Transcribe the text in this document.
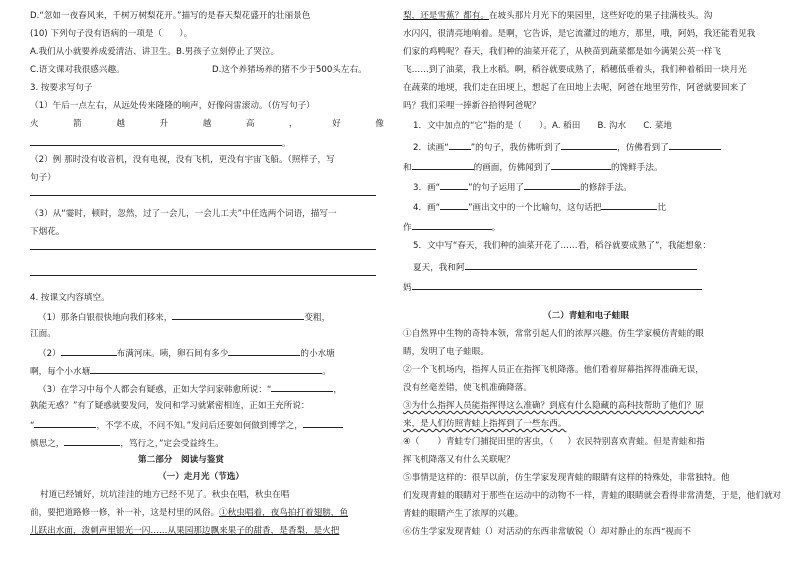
D.“忽如一夜春风来，千树万树梨花开。”描写的是春天梨花盛开的壮丽景色
(10) 下列句子没有语病的一项是（　　）。
A.我们从小就要养成爱清洁、讲卫生。B.男孩子立刻停止了哭泣。
C.语文课对我很感兴趣。	D.这个养猪场养的猪不少于500头左右。
3. 按要求写句子
（1）午后一点左右，从远处传来隆隆的响声，好像闷雷滚动。（仿写句子）
火	箭	越	升	越	高	，	好	像
。
（2）例 那时没有收音机，没有电视，没有飞机，更没有宇宙飞船。（照样子，写
句子）
（3）从“霎时，顿时，忽然，过了一会儿，一会儿工夫”中任选两个词语，描写一
下烟花。
4. 按课文内容填空。
（1）那条白银很快地向我们移来，	变粗，
江面。
（2）	布满河床。咦，卵石间有多少	的小水塘
啊，每个小水塘	。
（3）在学习中每个人都会有疑惑，正如大学问家韩愈所说：“	，
孰能无惑？”有了疑惑就要发问，发问和学习就紧密相连，正如王充所说：
“	，不学不成，不问不知。”发问后还要如何做到博学之，
慎思之，	，笃行之，”定会受益终生。
第二部分　阅读与鉴赏
（一）走月光（节选）
村道已经铺好，坑坑洼洼的地方已经不见了。秋虫在唱，秋虫在唱
前，要把道路修一修，补一补，这是村里的风俗。①秋虫唱着，夜鸟拍打着翅膀，鱼
儿跃出水面，泼刺声里银光一闪……从果园那边飘来果子的甜香，是香梨，是火把
梨，还是雪蕉？都有。在坡头那片月光下的果园里，这些好吃的果子挂满枝头。沟
水闪闪，很清亮地响着。是啊，它告诉，是它流灌过的地方，那里，哦，阿妈，我还能看见我
们家的鸡鸭呢？春天，我们种的油菜开花了，从秧苗到蔬菜都是如今满架公英一样飞
飞……到了油菜，我上水稻。啊，稻谷就要成熟了，稻穗低垂着头，我们种着稻田一块月光
在蔬菜的地埂，我们走在田埂上，想起了在田地上去呢，阿爸在地里劳作，阿爸就要回来了
吗？我们采哩一捧新谷拾得阿爸呢？
1．文中加点的“它”指的是（　　）。A. 稻田　　B. 沟水　　C. 菜地
2．读画“	”的句子，我仿佛听到了	，仿佛看到了
和	的画面，仿佛闻到了	的馋鲜手法。
3．画“	”的句子运用了	的修辞手法。
4．画“	”画出文中的一个比喻句，这句话把	比
作	。
5．文中写“春天，我们种的油菜开花了……看，稻谷就要成熟了”，我能想象：
夏天，我和阿
妈
（二）青蛙和电子蛙眼
①自然界中生物的奇特本领，常常引起人们的浓厚兴趣。仿生学家模仿青蛙的眼
睛，发明了电子蛙眼。
②一个飞机场内，指挥人员正在指挥飞机降落。他们看着屏幕指挥得准确无误，
没有丝毫差错，使飞机准确降落。
③为什么指挥人员能指挥得这么准确？到底有什么隐藏的高科技帮助了他们？原
来，是人们仿照青蛙上指挥到了一些东西。
④（ ）青蛙专门捕捉田里的害虫，（ ）农民特别喜欢青蛙。但是青蛙和指
挥飞机降落又有什么关联呢？
⑤事情是这样的：很早以前，仿生学家发现青蛙的眼睛有这样的特殊处，非常独特。他
们发现青蛙的眼睛对于那些在运动中的动物不一样，青蛙的眼睛就会看得非常清楚，于是，他们就对
青蛙的眼睛产生了浓厚的兴趣。
⑥仿生学家发现青蛙（）对活动的东西非常敏锐（）却对静止的东西“视而不
